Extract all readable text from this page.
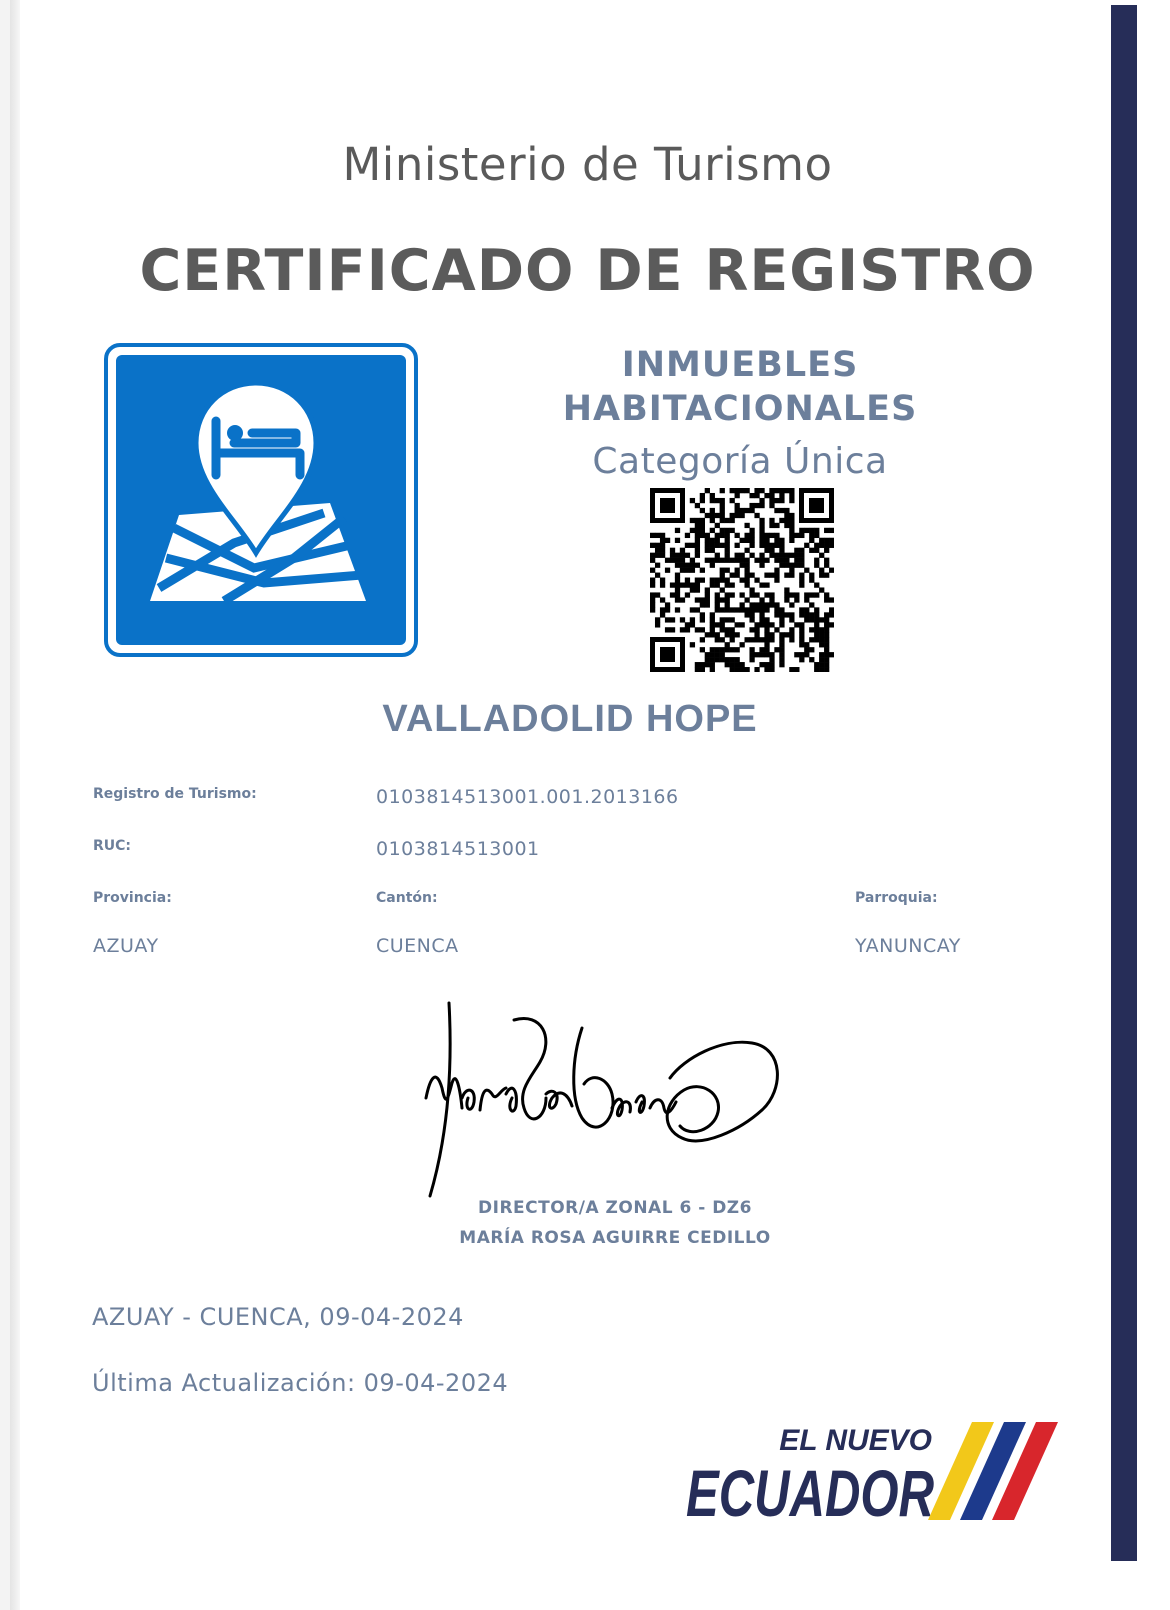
Ministerio de Turismo
CERTIFICADO DE REGISTRO
INMUEBLES
HABITACIONALES
Categoría Única
VALLADOLID HOPE
Registro de Turismo:	0103814513001.001.2013166
RUC:	0103814513001
Provincia:	Cantón:	Parroquia:
AZUAY	CUENCA	YANUNCAY
DIRECTOR/A ZONAL 6 - DZ6
MARÍA ROSA AGUIRRE CEDILLO
AZUAY - CUENCA, 09-04-2024
Última Actualización: 09-04-2024
EL NUEVO
ECUADOR
